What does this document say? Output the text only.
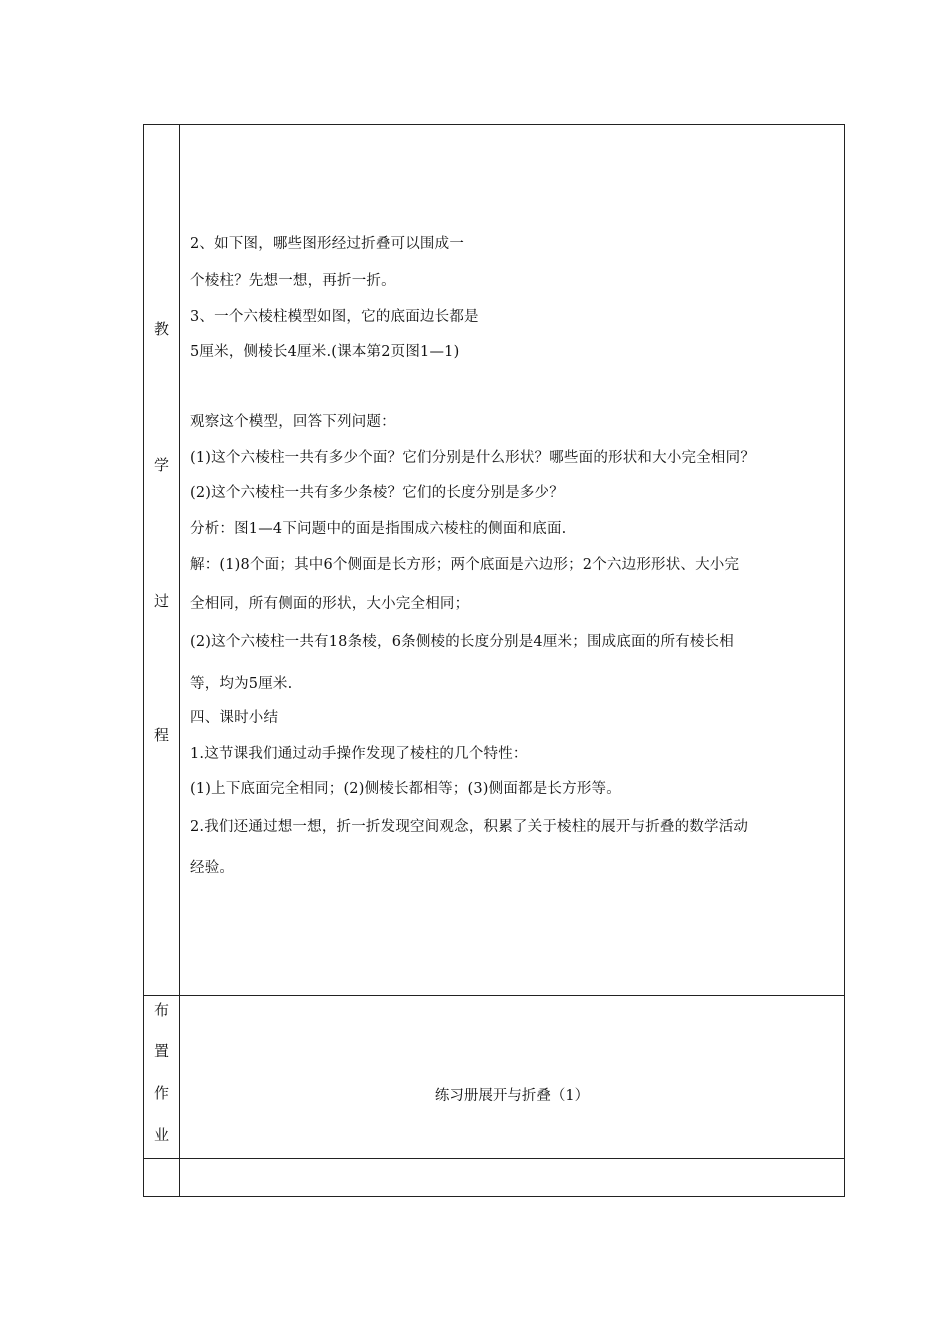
教
学
过
程
2、如下图，哪些图形经过折叠可以围成一
个棱柱？先想一想，再折一折。
3、一个六棱柱模型如图，它的底面边长都是
5厘米，侧棱长4厘米.(课本第2页图1—1)
观察这个模型，回答下列问题：
(1)这个六棱柱一共有多少个面？它们分别是什么形状？哪些面的形状和大小完全相同？
(2)这个六棱柱一共有多少条棱？它们的长度分别是多少？
分析：图1—4下问题中的面是指围成六棱柱的侧面和底面.
解：(1)8个面；其中6个侧面是长方形；两个底面是六边形；2个六边形形状、大小完
全相同，所有侧面的形状，大小完全相同；
(2)这个六棱柱一共有18条棱，6条侧棱的长度分别是4厘米；围成底面的所有棱长相
等，均为5厘米.
四、课时小结
1.这节课我们通过动手操作发现了棱柱的几个特性：
(1)上下底面完全相同；(2)侧棱长都相等；(3)侧面都是长方形等。
2.我们还通过想一想，折一折发现空间观念，积累了关于棱柱的展开与折叠的数学活动
经验。
布
置
作
业
练习册展开与折叠（1）
